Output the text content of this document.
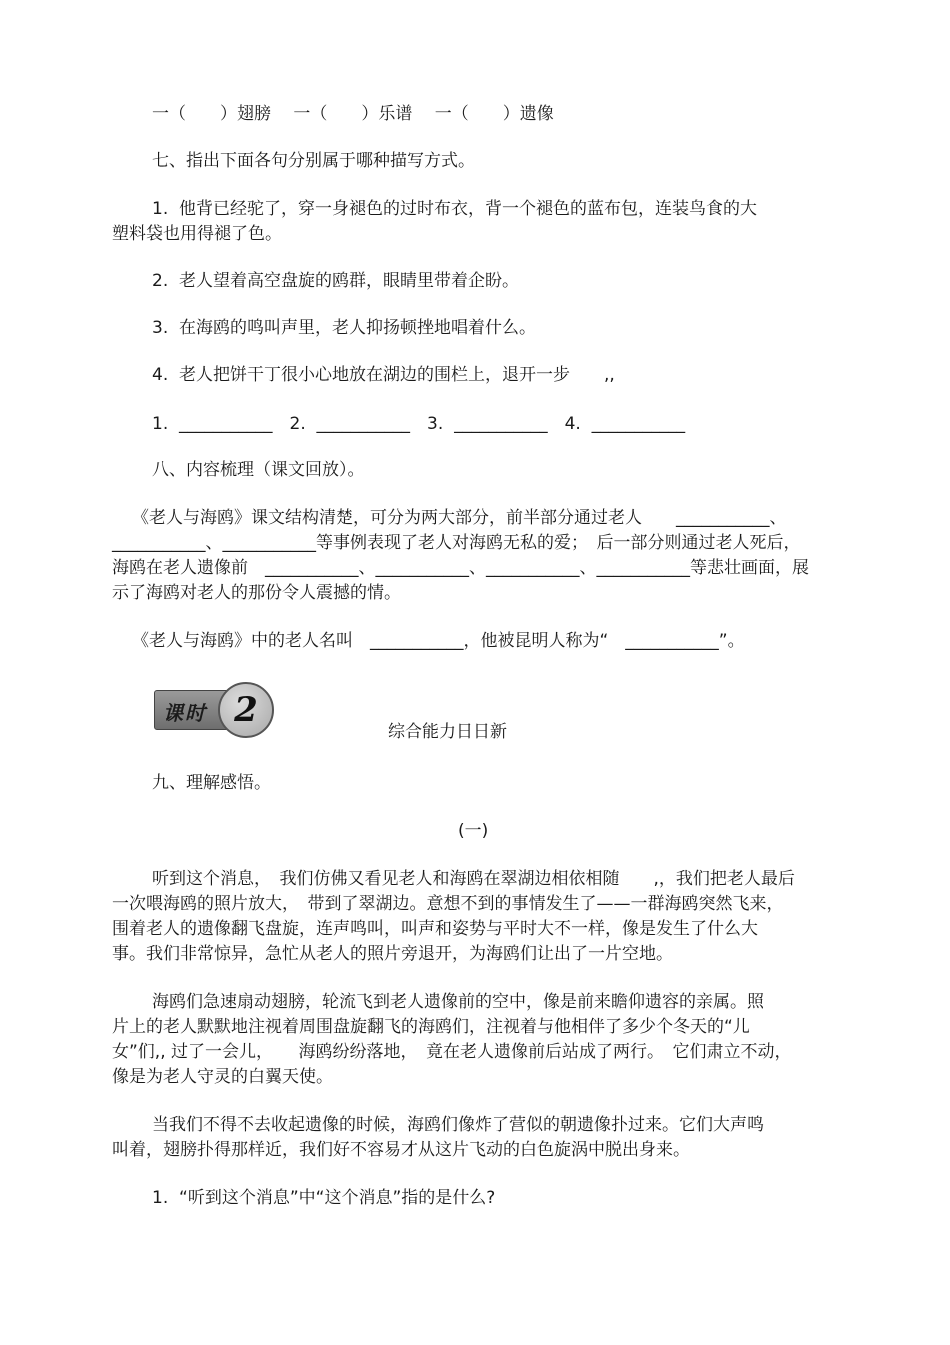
一（　　）翅膀　 一（　　）乐谱　 一（　　）遗像
七、指出下面各句分别属于哪种描写方式。
1.  他背已经驼了，穿一身褪色的过时布衣，背一个褪色的蓝布包，连装鸟食的大
塑料袋也用得褪了色。
2.  老人望着高空盘旋的鸥群，眼睛里带着企盼。
3.  在海鸥的鸣叫声里，老人抑扬顿挫地唱着什么。
4.  老人把饼干丁很小心地放在湖边的围栏上，退开一步　　,,
1.  ___________　2.  ___________　3.  ___________　4.  ___________
八、内容梳理（课文回放）。
《老人与海鸥》课文结构清楚，可分为两大部分，前半部分通过老人　　___________、
___________、___________等事例表现了老人对海鸥无私的爱；　后一部分则通过老人死后，
海鸥在老人遗像前　___________、___________、___________、___________等悲壮画面，展
示了海鸥对老人的那份令人震撼的情。
《老人与海鸥》中的老人名叫　___________，他被昆明人称为“　___________”。
综合能力日日新
九、理解感悟。
(一)
听到这个消息，　我们仿佛又看见老人和海鸥在翠湖边相依相随　　,，我们把老人最后
一次喂海鸥的照片放大，　带到了翠湖边。意想不到的事情发生了——一群海鸥突然飞来，
围着老人的遗像翻飞盘旋，连声鸣叫，叫声和姿势与平时大不一样，像是发生了什么大
事。我们非常惊异，急忙从老人的照片旁退开，为海鸥们让出了一片空地。
海鸥们急速扇动翅膀，轮流飞到老人遗像前的空中，像是前来瞻仰遗容的亲属。照
片上的老人默默地注视着周围盘旋翻飞的海鸥们，注视着与他相伴了多少个冬天的“儿
女”们,, 过了一会儿，　　海鸥纷纷落地，　竟在老人遗像前后站成了两行。　它们肃立不动，
像是为老人守灵的白翼天使。
当我们不得不去收起遗像的时候，海鸥们像炸了营似的朝遗像扑过来。它们大声鸣
叫着，翅膀扑得那样近，我们好不容易才从这片飞动的白色旋涡中脱出身来。
1.  “听到这个消息”中“这个消息”指的是什么?
课时 2
